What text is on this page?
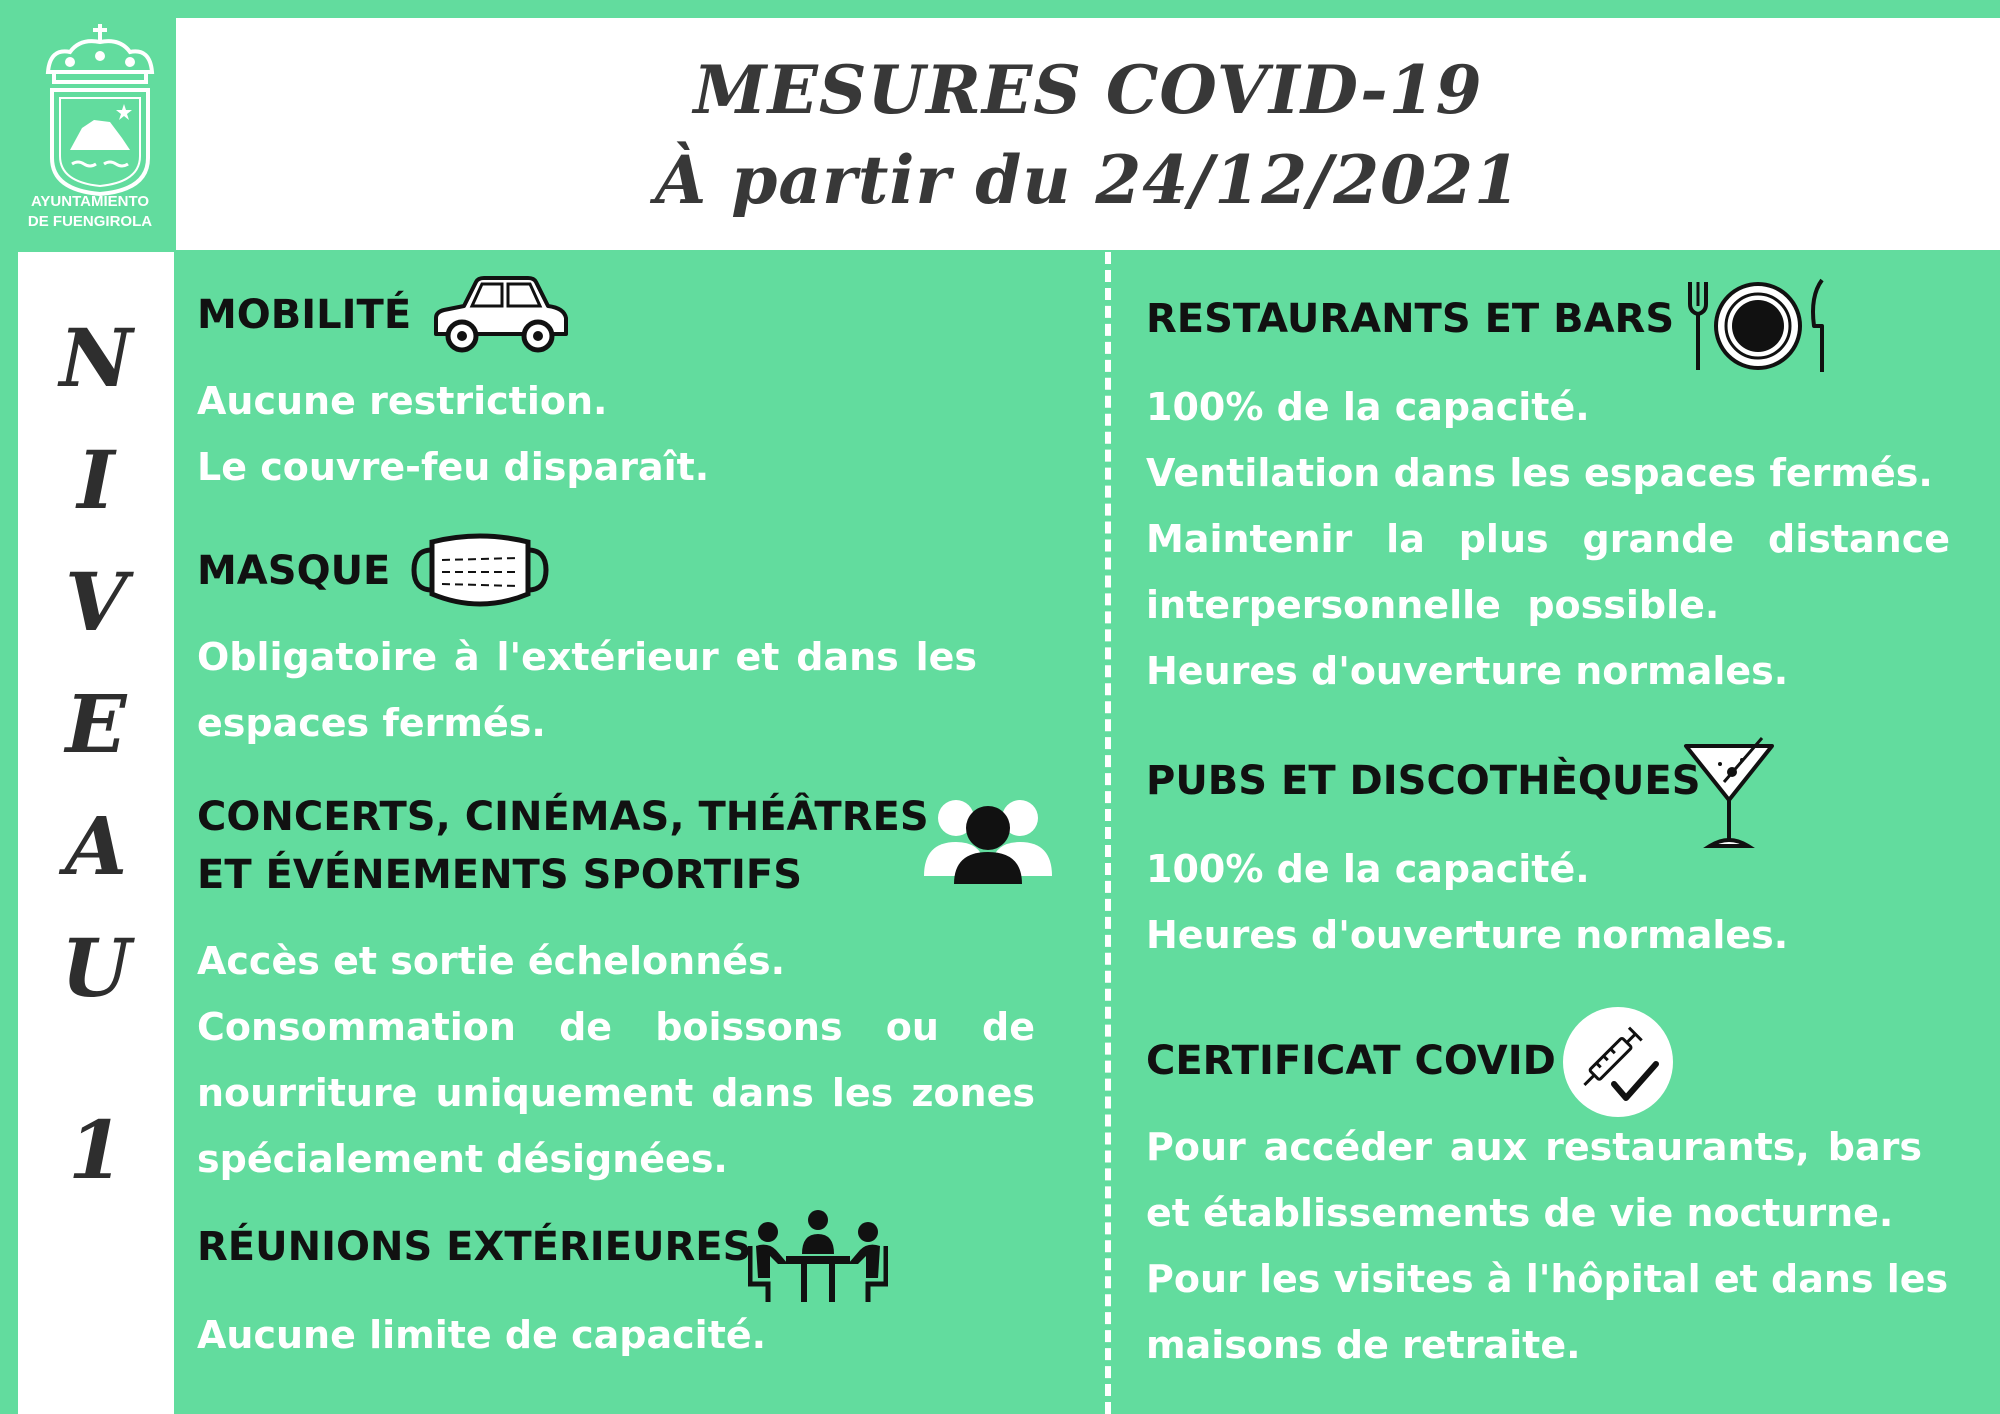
MESURES COVID-19
À partir du 24/12/2021
AYUNTAMIENTO
DE FUENGIROLA
N
I
V
E
A
U
1
MOBILITÉ
Aucune restriction.
Le couvre-feu disparaît.
MASQUE
Obligatoire à l'extérieur et dans les
espaces fermés.
CONCERTS, CINÉMAS, THÉÂTRES
ET ÉVÉNEMENTS SPORTIFS
Accès et sortie échelonnés.
Consommation de boissons ou de
nourriture uniquement dans les zones
spécialement désignées.
RÉUNIONS EXTÉRIEURES
Aucune limite de capacité.
RESTAURANTS ET BARS
100% de la capacité.
Ventilation dans les espaces fermés.
Maintenir la plus grande distance
interpersonnelle  possible.
Heures d'ouverture normales.
PUBS ET DISCOTHÈQUES
100% de la capacité.
Heures d'ouverture normales.
CERTIFICAT COVID
Pour accéder aux restaurants, bars
et établissements de vie nocturne.
Pour les visites à l'hôpital et dans les
maisons de retraite.
